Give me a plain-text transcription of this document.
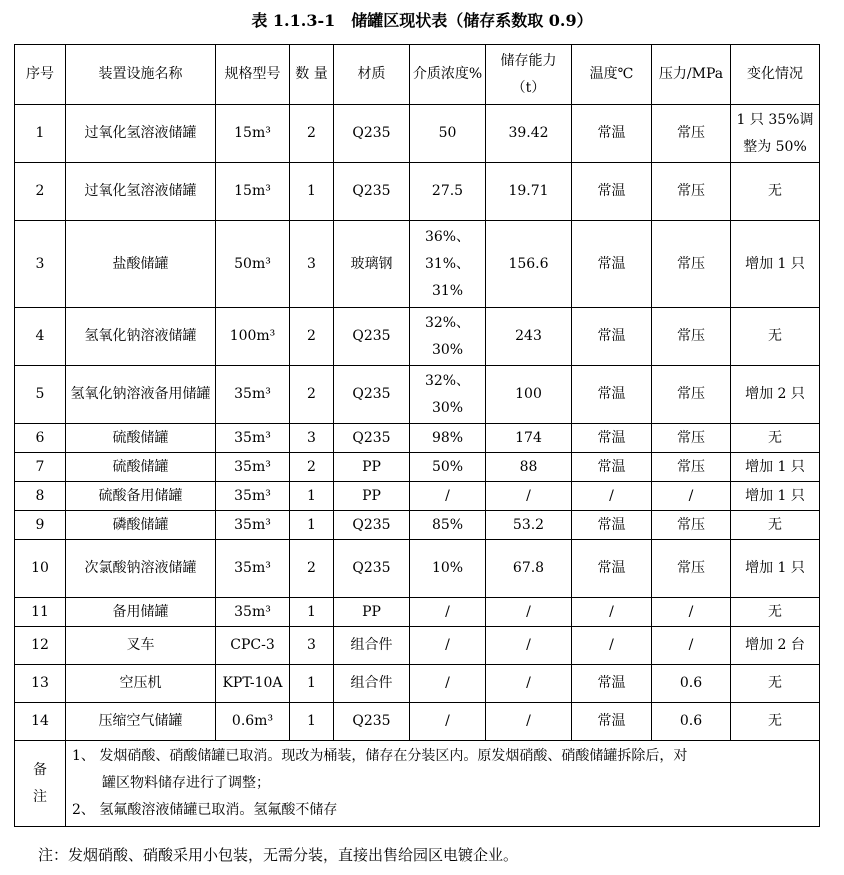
表 1.1.3-1　储罐区现状表（储存系数取 0.9）
序号	装置设施名称	规格型号	数 量	材质	介质浓度%	储存能力（t）	温度℃	压力/MPa	变化情况
1	过氧化氢溶液储罐	15m³	2	Q235	50	39.42	常温	常压	1 只 35%调整为 50%
2	过氧化氢溶液储罐	15m³	1	Q235	27.5	19.71	常温	常压	无
3	盐酸储罐	50m³	3	玻璃钢	36%、31%、31%	156.6	常温	常压	增加 1 只
4	氢氧化钠溶液储罐	100m³	2	Q235	32%、30%	243	常温	常压	无
5	氢氧化钠溶液备用储罐	35m³	2	Q235	32%、30%	100	常温	常压	增加 2 只
6	硫酸储罐	35m³	3	Q235	98%	174	常温	常压	无
7	硫酸储罐	35m³	2	PP	50%	88	常温	常压	增加 1 只
8	硫酸备用储罐	35m³	1	PP	/	/	/	/	增加 1 只
9	磷酸储罐	35m³	1	Q235	85%	53.2	常温	常压	无
10	次氯酸钠溶液储罐	35m³	2	Q235	10%	67.8	常温	常压	增加 1 只
11	备用储罐	35m³	1	PP	/	/	/	/	无
12	叉车	CPC-3	3	组合件	/	/	/	/	增加 2 台
13	空压机	KPT-10A	1	组合件	/	/	常温	0.6	无
14	压缩空气储罐	0.6m³	1	Q235	/	/	常温	0.6	无
备
注	1、 发烟硝酸、硝酸储罐已取消。现改为桶装，储存在分装区内。原发烟硝酸、硝酸储罐拆除后，对
罐区物料储存进行了调整；
2、 氢氟酸溶液储罐已取消。氢氟酸不储存								
注：发烟硝酸、硝酸采用小包装，无需分装，直接出售给园区电镀企业。
